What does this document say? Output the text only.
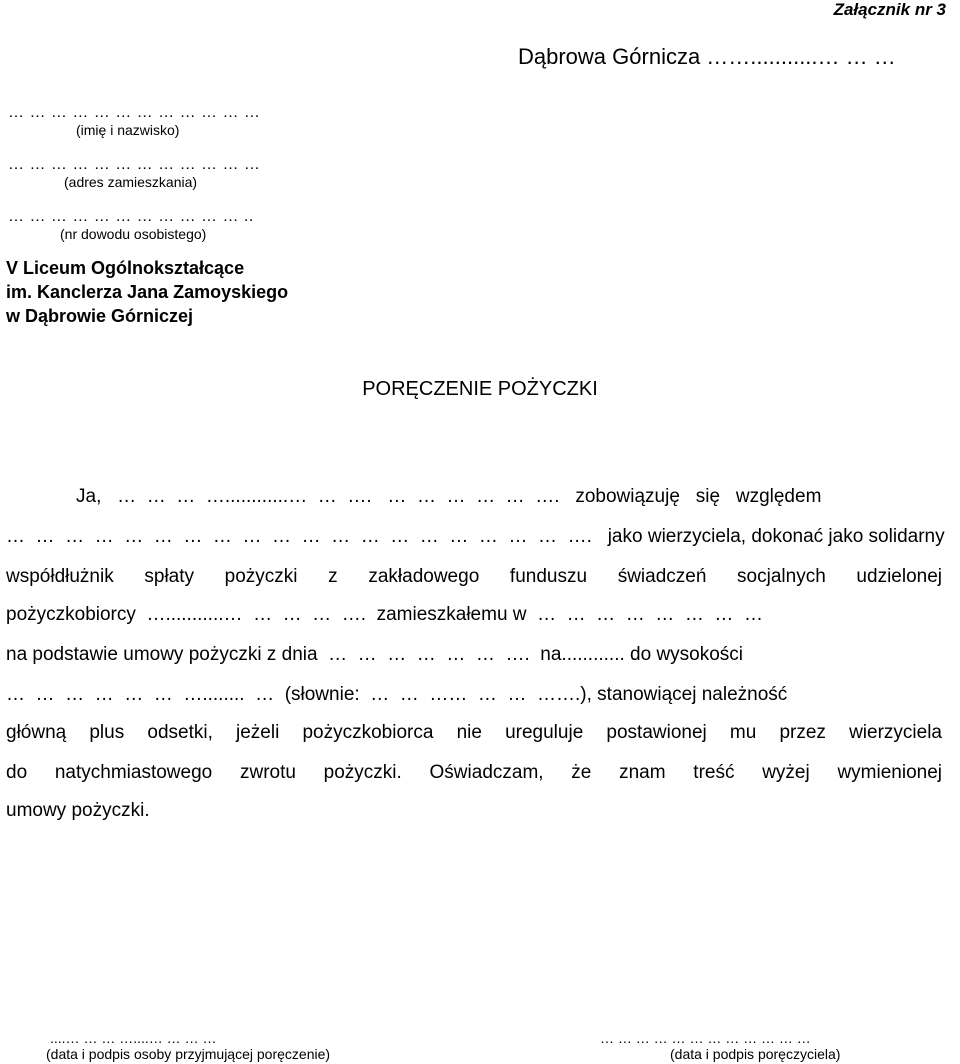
Załącznik nr 3
Dąbrowa Górnicza ……...........… … …
… … … … … … … … … … … …
(imię i nazwisko)
… … … … … … … … … … … …
(adres zamieszkania)
… … … … … … … … … … … ..
(nr dowodu osobistego)
V Liceum Ogólnokształcące
im. Kanclerza Jana Zamoyskiego
w Dąbrowie Górniczej
PORĘCZENIE POŻYCZKI
Ja,   …  …  …  …............…  …  ….   …  …  …  …  …  ….   zobowiązuję   się   względem
…  …  …  …  …  …  …  …  …  …  …  …  …  …  …  …  …  …  …  ….   jako wierzyciela, dokonać jako solidarny
współdłużnik spłaty pożyczki z zakładowego funduszu świadczeń socjalnych udzielonej
pożyczkobiorcy  …...........…  …  …  …  ….  zamieszkałemu w  …  …  …  …  …  …  …  …
na podstawie umowy pożyczki z dnia  …  …  …  …  …  …  ….  na............ do wysokości
…  …  …  …  …  …  …........  …  (słownie:  …  …  ……  …  …  …….), stanowiącej należność
główną plus odsetki, jeżeli pożyczkobiorca nie ureguluje postawionej mu przez wierzyciela
do natychmiastowego zwrotu pożyczki. Oświadczam, że znam treść wyżej wymienionej
umowy pożyczki.
....… … … …....… … … …
(data i podpis osoby przyjmującej poręczenie)
… … … … … … … … … … … …
(data i podpis poręczyciela)
